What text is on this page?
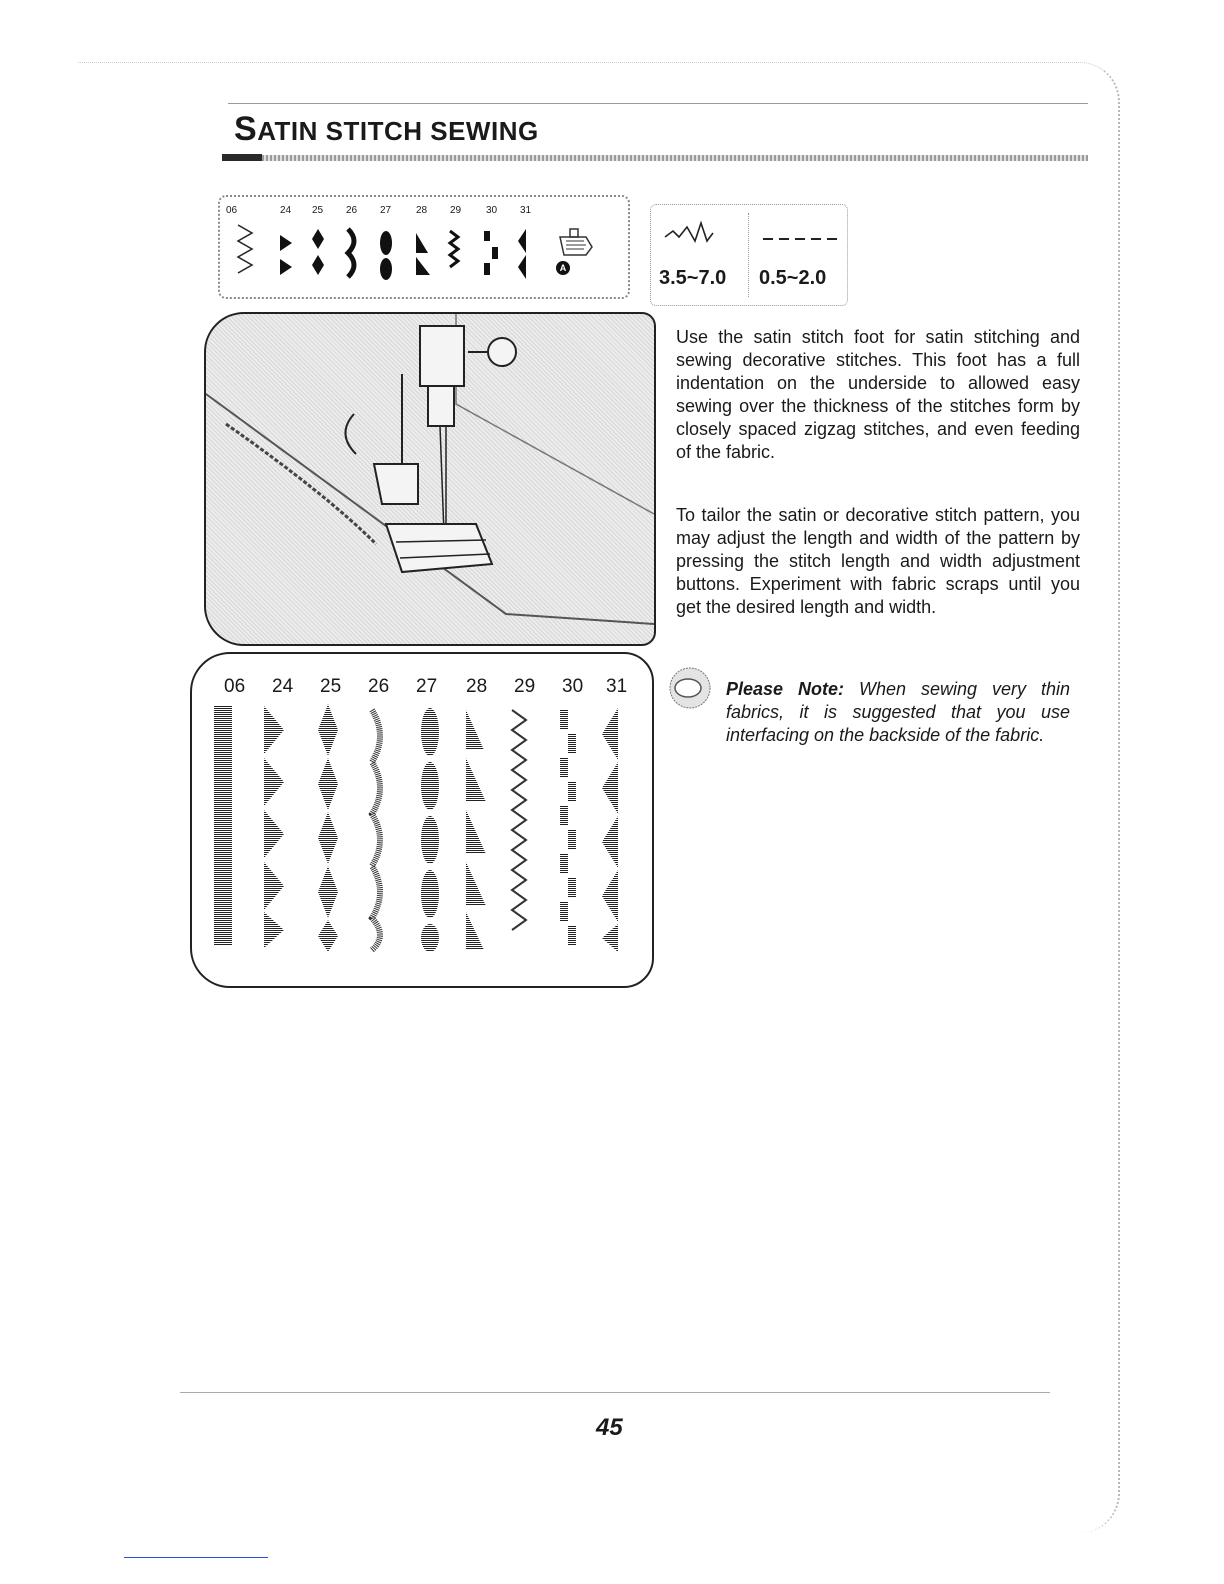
SATIN STITCH SEWING
06	24 25 26 27 28 29 30 31
A	3.5~7.0 0.5~2.0
06 24 25 26 27 28 29 30 31

Use the satin stitch foot for satin stitching and sewing decorative stitches. This foot has a full indentation on the underside to allowed easy sewing over the thickness of the stitches form by closely spaced zigzag stitches, and even feeding of the fabric.

To tailor the satin or decorative stitch pattern, you may adjust the length and width of the pattern by pressing the stitch length and width adjustment buttons. Experiment with fabric scraps until you get the desired length and width.

Please Note: When sewing very thin fabrics, it is suggested that you use interfacing on the backside of the fabric.

45
